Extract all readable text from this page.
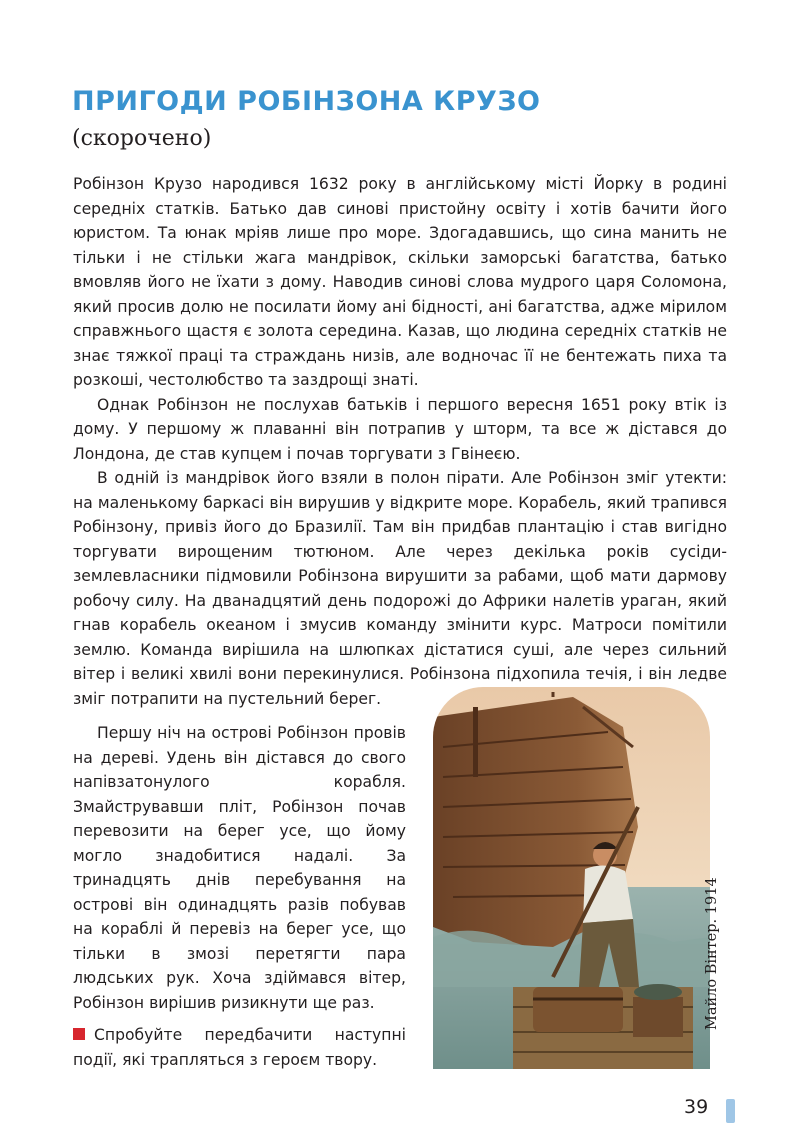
ПРИГОДИ РОБІНЗОНА КРУЗО
(скорочено)

Робінзон Крузо народився 1632 року в англійському місті Йорку в родині середніх статків. Батько дав синові пристойну освіту і хотів бачити його юристом. Та юнак мріяв лише про море. Здогадавшись, що сина манить не тільки і не стільки жага мандрівок, скільки заморські багатства, батько вмовляв його не їхати з дому. Наводив синові слова мудрого царя Соломона, який просив долю не посилати йому ані бідності, ані багатства, адже мірилом справжнього щастя є золота середина. Казав, що людина середніх статків не знає тяжкої праці та страждань низів, але водночас її не бентежать пиха та розкоші, честолюбство та заздрощі знаті.

Однак Робінзон не послухав батьків і першого вересня 1651 року втік із дому. У першому ж плаванні він потрапив у шторм, та все ж дістався до Лондона, де став купцем і почав торгувати з Гвінеєю.

В одній із мандрівок його взяли в полон пірати. Але Робінзон зміг утекти: на маленькому баркасі він вирушив у відкрите море. Корабель, який трапився Робінзону, привіз його до Бразилії. Там він придбав плантацію і став вигідно торгувати вирощеним тютюном. Але через декілька років сусіди-землевласники підмовили Робінзона вирушити за рабами, щоб мати дармову робочу силу. На дванадцятий день подорожі до Африки налетів ураган, який гнав корабель океаном і змусив команду змінити курс. Матроси помітили землю. Команда вирішила на шлюпках дістатися суші, але через сильний вітер і великі хвилі вони перекинулися. Робінзона підхопила течія, і він ледве зміг потрапити на пустельний берег.

Першу ніч на острові Робінзон провів на дереві. Удень він дістався до свого напівзатонулого корабля. Змайструвавши пліт, Робінзон почав перевозити на берег усе, що йому могло знадобитися надалі. За тринадцять днів перебування на острові він одинадцять разів побував на кораблі й перевіз на берег усе, що тільки в змозі перетягти пара людських рук. Хоча здіймався вітер, Робінзон вирішив ризикнути ще раз.

Спробуйте передбачити наступні події, які трапляться з героєм твору.
Майло Вінтер. 1914
39
